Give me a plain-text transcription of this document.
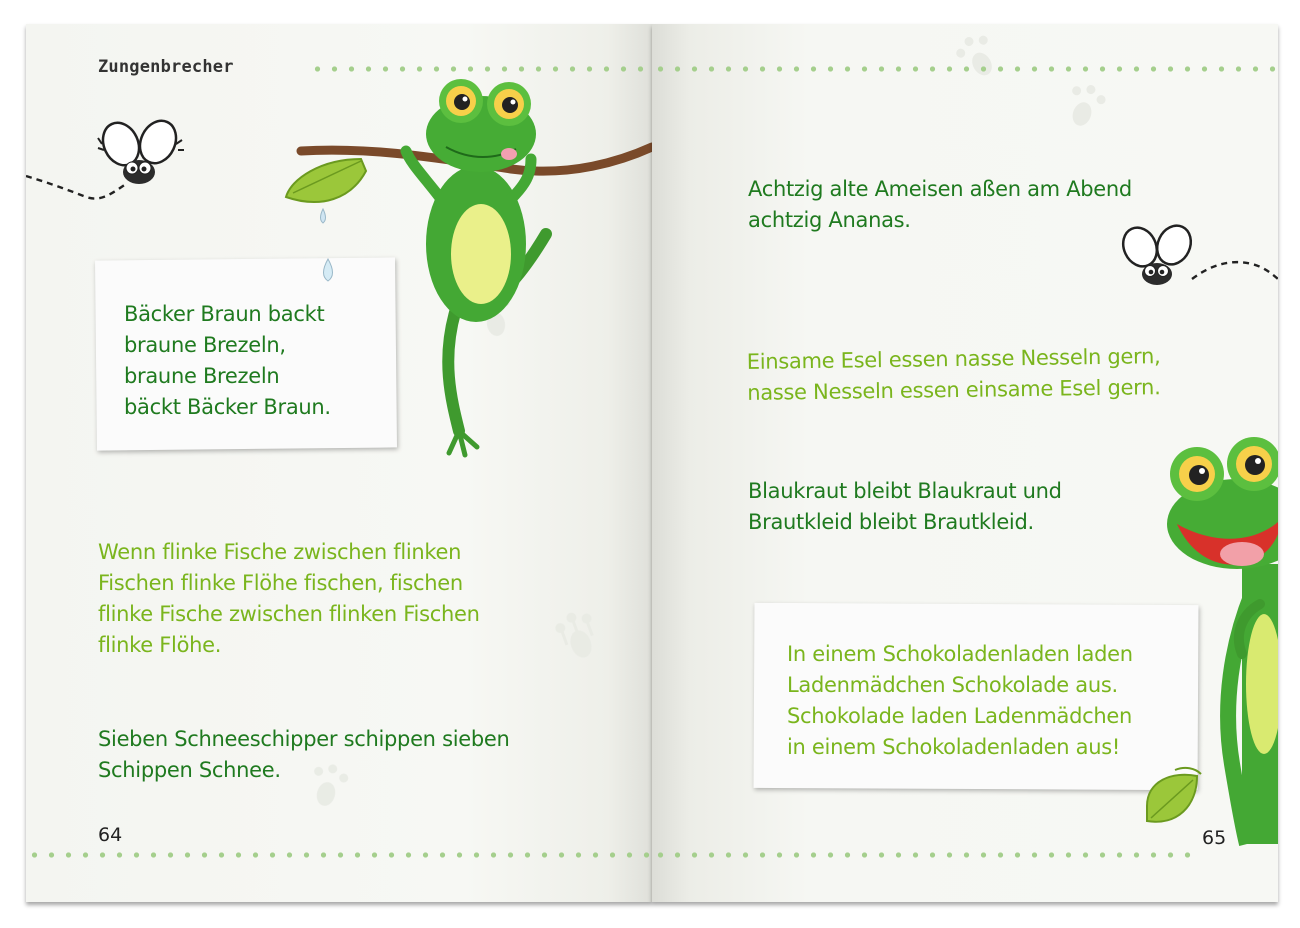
Zungenbrecher
Bäcker Braun backt
braune Brezeln,
braune Brezeln
bäckt Bäcker Braun.
Wenn flinke Fische zwischen flinken
Fischen flinke Flöhe fischen, fischen
flinke Fische zwischen flinken Fischen
flinke Flöhe.
Sieben Schneeschipper schippen sieben
Schippen Schnee.
64
Achtzig alte Ameisen aßen am Abend
achtzig Ananas.
Einsame Esel essen nasse Nesseln gern,
nasse Nesseln essen einsame Esel gern.
Blaukraut bleibt Blaukraut und
Brautkleid bleibt Brautkleid.
In einem Schokoladenladen laden
Ladenmädchen Schokolade aus.
Schokolade laden Ladenmädchen
in einem Schokoladenladen aus!
65
